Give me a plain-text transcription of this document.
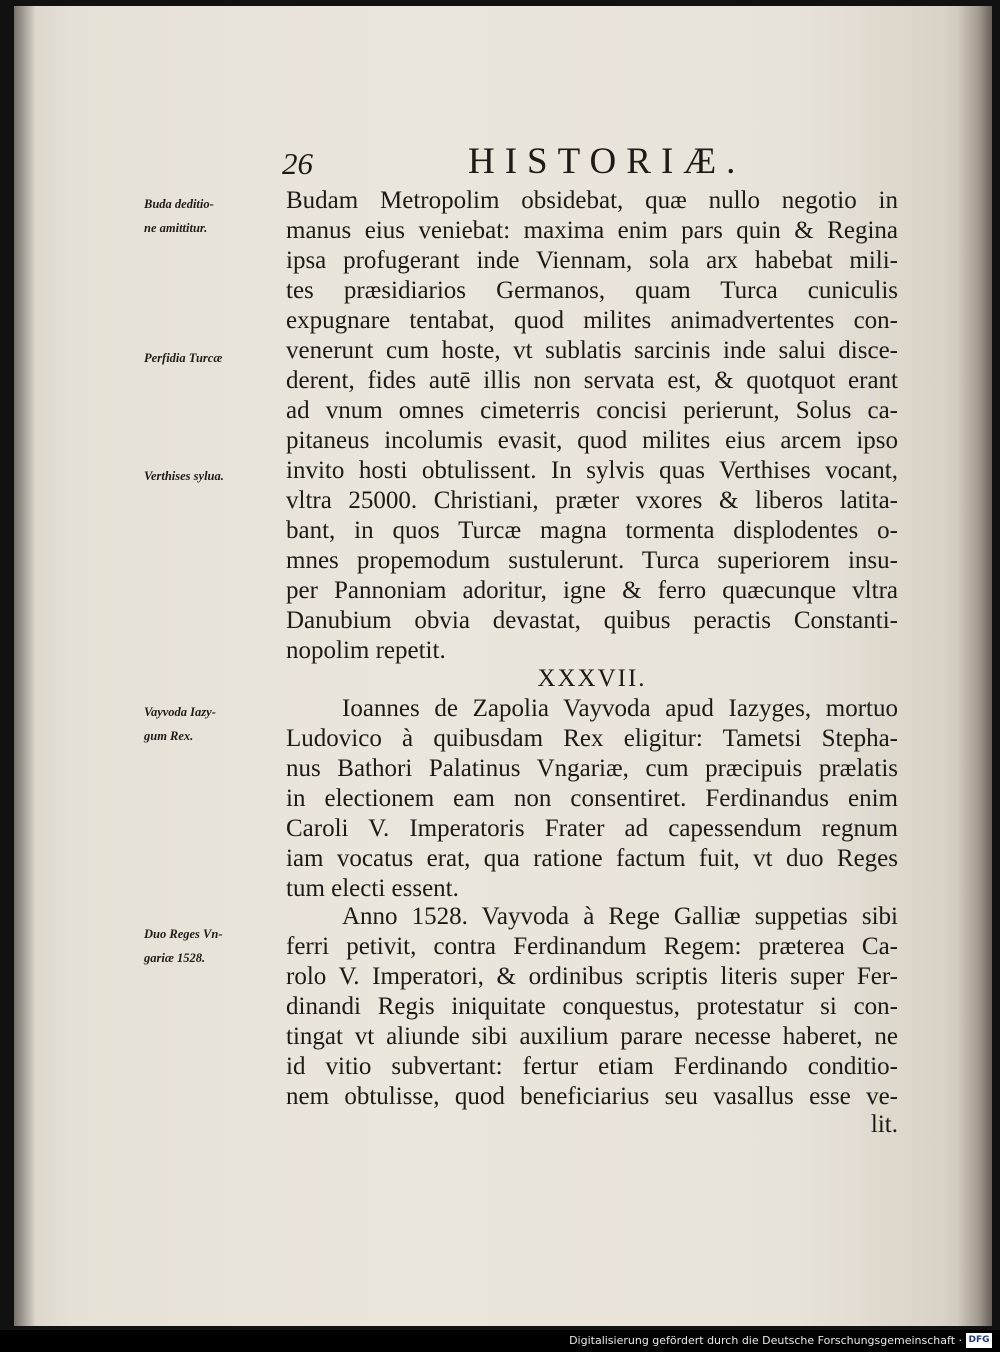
26	HISTORIÆ.
Buda deditio-
ne amittitur.
Perfidia Turcæ
Verthises sylua.
Vayvoda Iazy-
gum Rex.
Duo Reges Vn-
gariæ 1528.
Budam Metropolim obsidebat, quæ nullo negotio in
manus eius veniebat: maxima enim pars quin & Regina
ipsa profugerant inde Viennam, sola arx habebat mili-
tes præsidiarios Germanos, quam Turca cuniculis
expugnare tentabat, quod milites animadvertentes con-
venerunt cum hoste, vt sublatis sarcinis inde salui disce-
derent, fides autē illis non servata est, & quotquot erant
ad vnum omnes cimeterris concisi perierunt, Solus ca-
pitaneus incolumis evasit, quod milites eius arcem ipso
invito hosti obtulissent. In sylvis quas Verthises vocant,
vltra 25000. Christiani, præter vxores & liberos latita-
bant, in quos Turcæ magna tormenta displodentes o-
mnes propemodum sustulerunt. Turca superiorem insu-
per Pannoniam adoritur, igne & ferro quæcunque vltra
Danubium obvia devastat, quibus peractis Constanti-
nopolim repetit.
XXXVII.
Ioannes de Zapolia Vayvoda apud Iazyges, mortuo
Ludovico à quibusdam Rex eligitur: Tametsi Stepha-
nus Bathori Palatinus Vngariæ, cum præcipuis prælatis
in electionem eam non consentiret. Ferdinandus enim
Caroli V. Imperatoris Frater ad capessendum regnum
iam vocatus erat, qua ratione factum fuit, vt duo Reges
tum electi essent.
Anno 1528. Vayvoda à Rege Galliæ suppetias sibi
ferri petivit, contra Ferdinandum Regem: præterea Ca-
rolo V. Imperatori, & ordinibus scriptis literis super Fer-
dinandi Regis iniquitate conquestus, protestatur si con-
tingat vt aliunde sibi auxilium parare necesse haberet, ne
id vitio subvertant: fertur etiam Ferdinando conditio-
nem obtulisse, quod beneficiarius seu vasallus esse ve-
lit.
Digitalisierung gefördert durch die Deutsche Forschungsgemeinschaft · DFG
